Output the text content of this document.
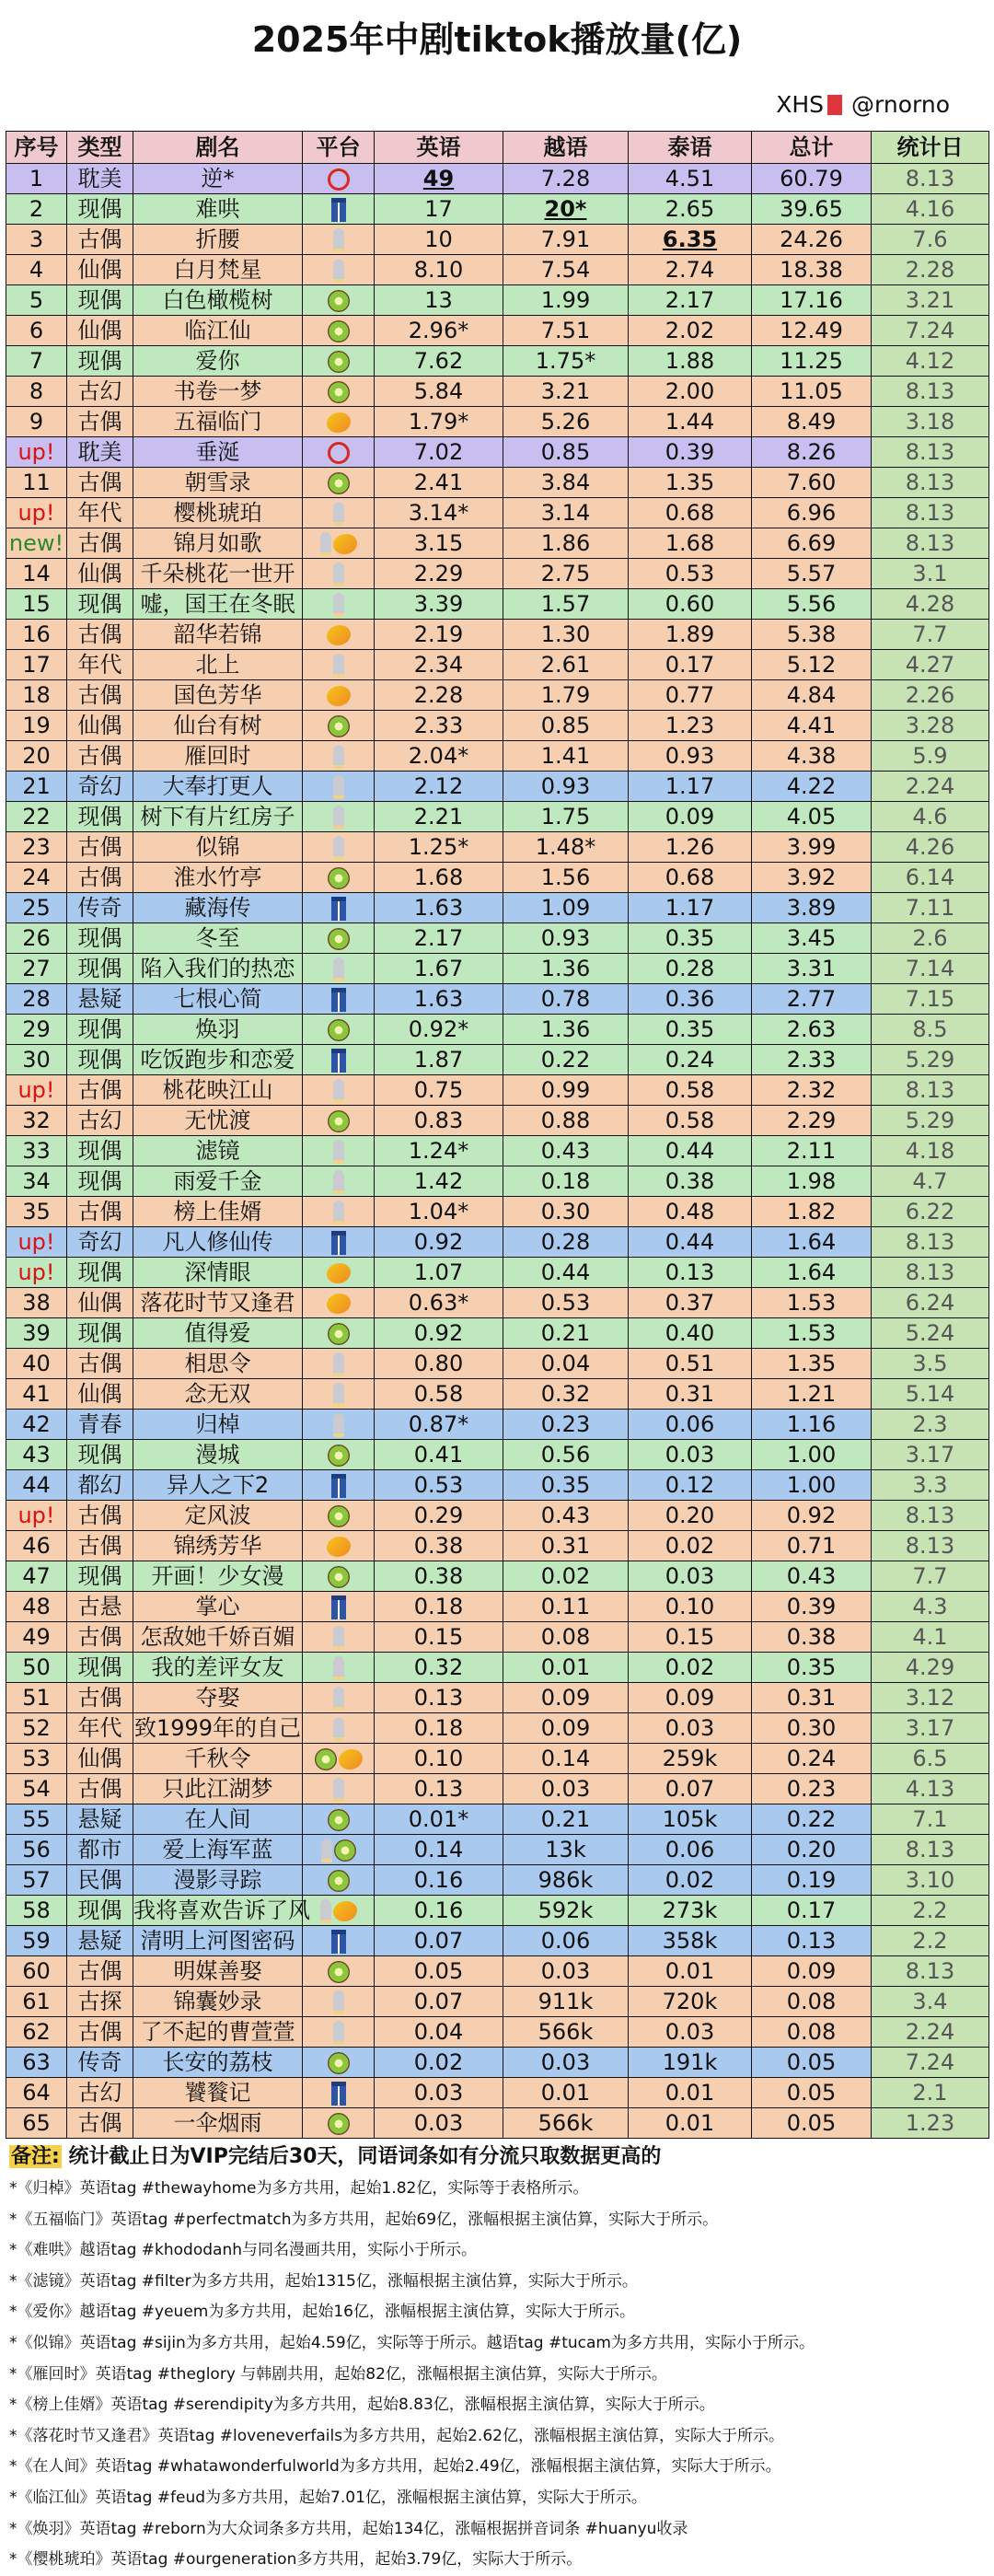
2025年中剧tiktok播放量(亿)
XHS @rnorno
序号	类型	剧名	平台	英语	越语	泰语	总计	统计日
1	耽美	逆*		49	7.28	4.51	60.79	8.13
2	现偶	难哄		17	20*	2.65	39.65	4.16
3	古偶	折腰		10	7.91	6.35	24.26	7.6
4	仙偶	白月梵星		8.10	7.54	2.74	18.38	2.28
5	现偶	白色橄榄树		13	1.99	2.17	17.16	3.21
6	仙偶	临江仙		2.96*	7.51	2.02	12.49	7.24
7	现偶	爱你		7.62	1.75*	1.88	11.25	4.12
8	古幻	书卷一梦		5.84	3.21	2.00	11.05	8.13
9	古偶	五福临门		1.79*	5.26	1.44	8.49	3.18
up!	耽美	垂涎		7.02	0.85	0.39	8.26	8.13
11	古偶	朝雪录		2.41	3.84	1.35	7.60	8.13
up!	年代	樱桃琥珀		3.14*	3.14	0.68	6.96	8.13
new!	古偶	锦月如歌		3.15	1.86	1.68	6.69	8.13
14	仙偶	千朵桃花一世开		2.29	2.75	0.53	5.57	3.1
15	现偶	嘘，国王在冬眠		3.39	1.57	0.60	5.56	4.28
16	古偶	韶华若锦		2.19	1.30	1.89	5.38	7.7
17	年代	北上		2.34	2.61	0.17	5.12	4.27
18	古偶	国色芳华		2.28	1.79	0.77	4.84	2.26
19	仙偶	仙台有树		2.33	0.85	1.23	4.41	3.28
20	古偶	雁回时		2.04*	1.41	0.93	4.38	5.9
21	奇幻	大奉打更人		2.12	0.93	1.17	4.22	2.24
22	现偶	树下有片红房子		2.21	1.75	0.09	4.05	4.6
23	古偶	似锦		1.25*	1.48*	1.26	3.99	4.26
24	古偶	淮水竹亭		1.68	1.56	0.68	3.92	6.14
25	传奇	藏海传		1.63	1.09	1.17	3.89	7.11
26	现偶	冬至		2.17	0.93	0.35	3.45	2.6
27	现偶	陷入我们的热恋		1.67	1.36	0.28	3.31	7.14
28	悬疑	七根心简		1.63	0.78	0.36	2.77	7.15
29	现偶	焕羽		0.92*	1.36	0.35	2.63	8.5
30	现偶	吃饭跑步和恋爱		1.87	0.22	0.24	2.33	5.29
up!	古偶	桃花映江山		0.75	0.99	0.58	2.32	8.13
32	古幻	无忧渡		0.83	0.88	0.58	2.29	5.29
33	现偶	滤镜		1.24*	0.43	0.44	2.11	4.18
34	现偶	雨爱千金		1.42	0.18	0.38	1.98	4.7
35	古偶	榜上佳婿		1.04*	0.30	0.48	1.82	6.22
up!	奇幻	凡人修仙传		0.92	0.28	0.44	1.64	8.13
up!	现偶	深情眼		1.07	0.44	0.13	1.64	8.13
38	仙偶	落花时节又逢君		0.63*	0.53	0.37	1.53	6.24
39	现偶	值得爱		0.92	0.21	0.40	1.53	5.24
40	古偶	相思令		0.80	0.04	0.51	1.35	3.5
41	仙偶	念无双		0.58	0.32	0.31	1.21	5.14
42	青春	归棹		0.87*	0.23	0.06	1.16	2.3
43	现偶	漫城		0.41	0.56	0.03	1.00	3.17
44	都幻	异人之下2		0.53	0.35	0.12	1.00	3.3
up!	古偶	定风波		0.29	0.43	0.20	0.92	8.13
46	古偶	锦绣芳华		0.38	0.31	0.02	0.71	8.13
47	现偶	开画！少女漫		0.38	0.02	0.03	0.43	7.7
48	古悬	掌心		0.18	0.11	0.10	0.39	4.3
49	古偶	怎敌她千娇百媚		0.15	0.08	0.15	0.38	4.1
50	现偶	我的差评女友		0.32	0.01	0.02	0.35	4.29
51	古偶	夺娶		0.13	0.09	0.09	0.31	3.12
52	年代	致1999年的自己		0.18	0.09	0.03	0.30	3.17
53	仙偶	千秋令		0.10	0.14	259k	0.24	6.5
54	古偶	只此江湖梦		0.13	0.03	0.07	0.23	4.13
55	悬疑	在人间		0.01*	0.21	105k	0.22	7.1
56	都市	爱上海军蓝		0.14	13k	0.06	0.20	8.13
57	民偶	漫影寻踪		0.16	986k	0.02	0.19	3.10
58	现偶	我将喜欢告诉了风		0.16	592k	273k	0.17	2.2
59	悬疑	清明上河图密码		0.07	0.06	358k	0.13	2.2
60	古偶	明媒善娶		0.05	0.03	0.01	0.09	8.13
61	古探	锦囊妙录		0.07	911k	720k	0.08	3.4
62	古偶	了不起的曹萱萱		0.04	566k	0.03	0.08	2.24
63	传奇	长安的荔枝		0.02	0.03	191k	0.05	7.24
64	古幻	饕餮记		0.03	0.01	0.01	0.05	2.1
65	古偶	一伞烟雨		0.03	566k	0.01	0.05	1.23
备注: 统计截止日为VIP完结后30天，同语词条如有分流只取数据更高的
*《归棹》英语tag #thewayhome为多方共用，起始1.82亿，实际等于表格所示。
*《五福临门》英语tag #perfectmatch为多方共用，起始69亿，涨幅根据主演估算，实际大于所示。
*《难哄》越语tag #khododanh与同名漫画共用，实际小于所示。
*《滤镜》英语tag #filter为多方共用，起始1315亿，涨幅根据主演估算，实际大于所示。
*《爱你》越语tag #yeuem为多方共用，起始16亿，涨幅根据主演估算，实际大于所示。
*《似锦》英语tag #sijin为多方共用，起始4.59亿，实际等于所示。越语tag #tucam为多方共用，实际小于所示。
*《雁回时》英语tag #theglory 与韩剧共用，起始82亿，涨幅根据主演估算，实际大于所示。
*《榜上佳婿》英语tag #serendipity为多方共用，起始8.83亿，涨幅根据主演估算，实际大于所示。
*《落花时节又逢君》英语tag #loveneverfails为多方共用，起始2.62亿，涨幅根据主演估算，实际大于所示。
*《在人间》英语tag #whatawonderfulworld为多方共用，起始2.49亿，涨幅根据主演估算，实际大于所示。
*《临江仙》英语tag #feud为多方共用，起始7.01亿，涨幅根据主演估算，实际大于所示。
*《焕羽》英语tag #reborn为大众词条多方共用，起始134亿，涨幅根据拼音词条 #huanyu收录
*《樱桃琥珀》英语tag #ourgeneration多方共用，起始3.79亿，实际大于所示。
